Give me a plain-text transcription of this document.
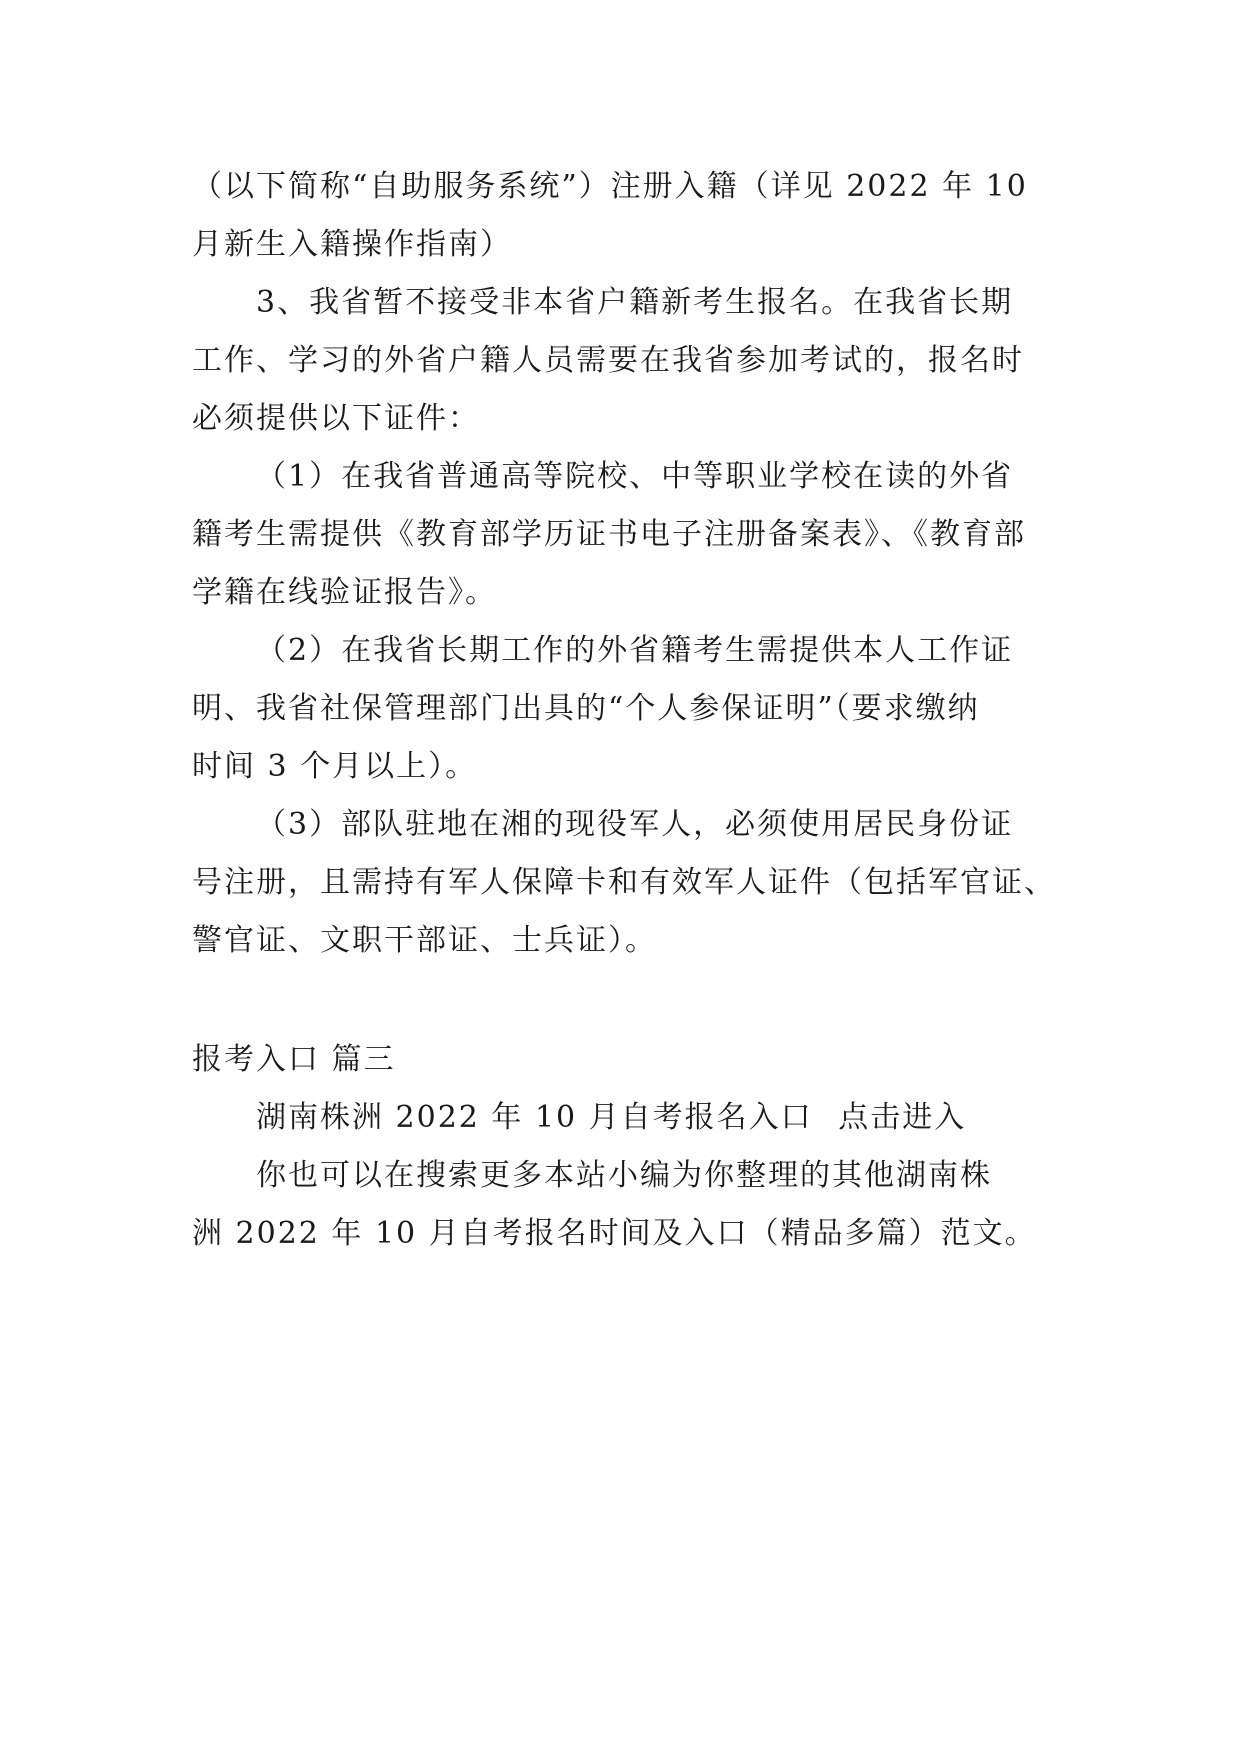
（以下简称“自助服务系统”）注册入籍（详见 2022 年 10
月新生入籍操作指南）
3、我省暂不接受非本省户籍新考生报名。在我省长期
工作、学习的外省户籍人员需要在我省参加考试的，报名时
必须提供以下证件：
（1）在我省普通高等院校、中等职业学校在读的外省
籍考生需提供《教育部学历证书电子注册备案表》、《教育部
学籍在线验证报告》。
（2）在我省长期工作的外省籍考生需提供本人工作证
明、我省社保管理部门出具的“个人参保证明”（要求缴纳
时间 3 个月以上）。
（3）部队驻地在湘的现役军人，必须使用居民身份证
号注册，且需持有军人保障卡和有效军人证件（包括军官证、
警官证、文职干部证、士兵证）。
报考入口 篇三
湖南株洲 2022 年 10 月自考报名入口 点击进入
你也可以在搜索更多本站小编为你整理的其他湖南株
洲 2022 年 10 月自考报名时间及入口（精品多篇）范文。
